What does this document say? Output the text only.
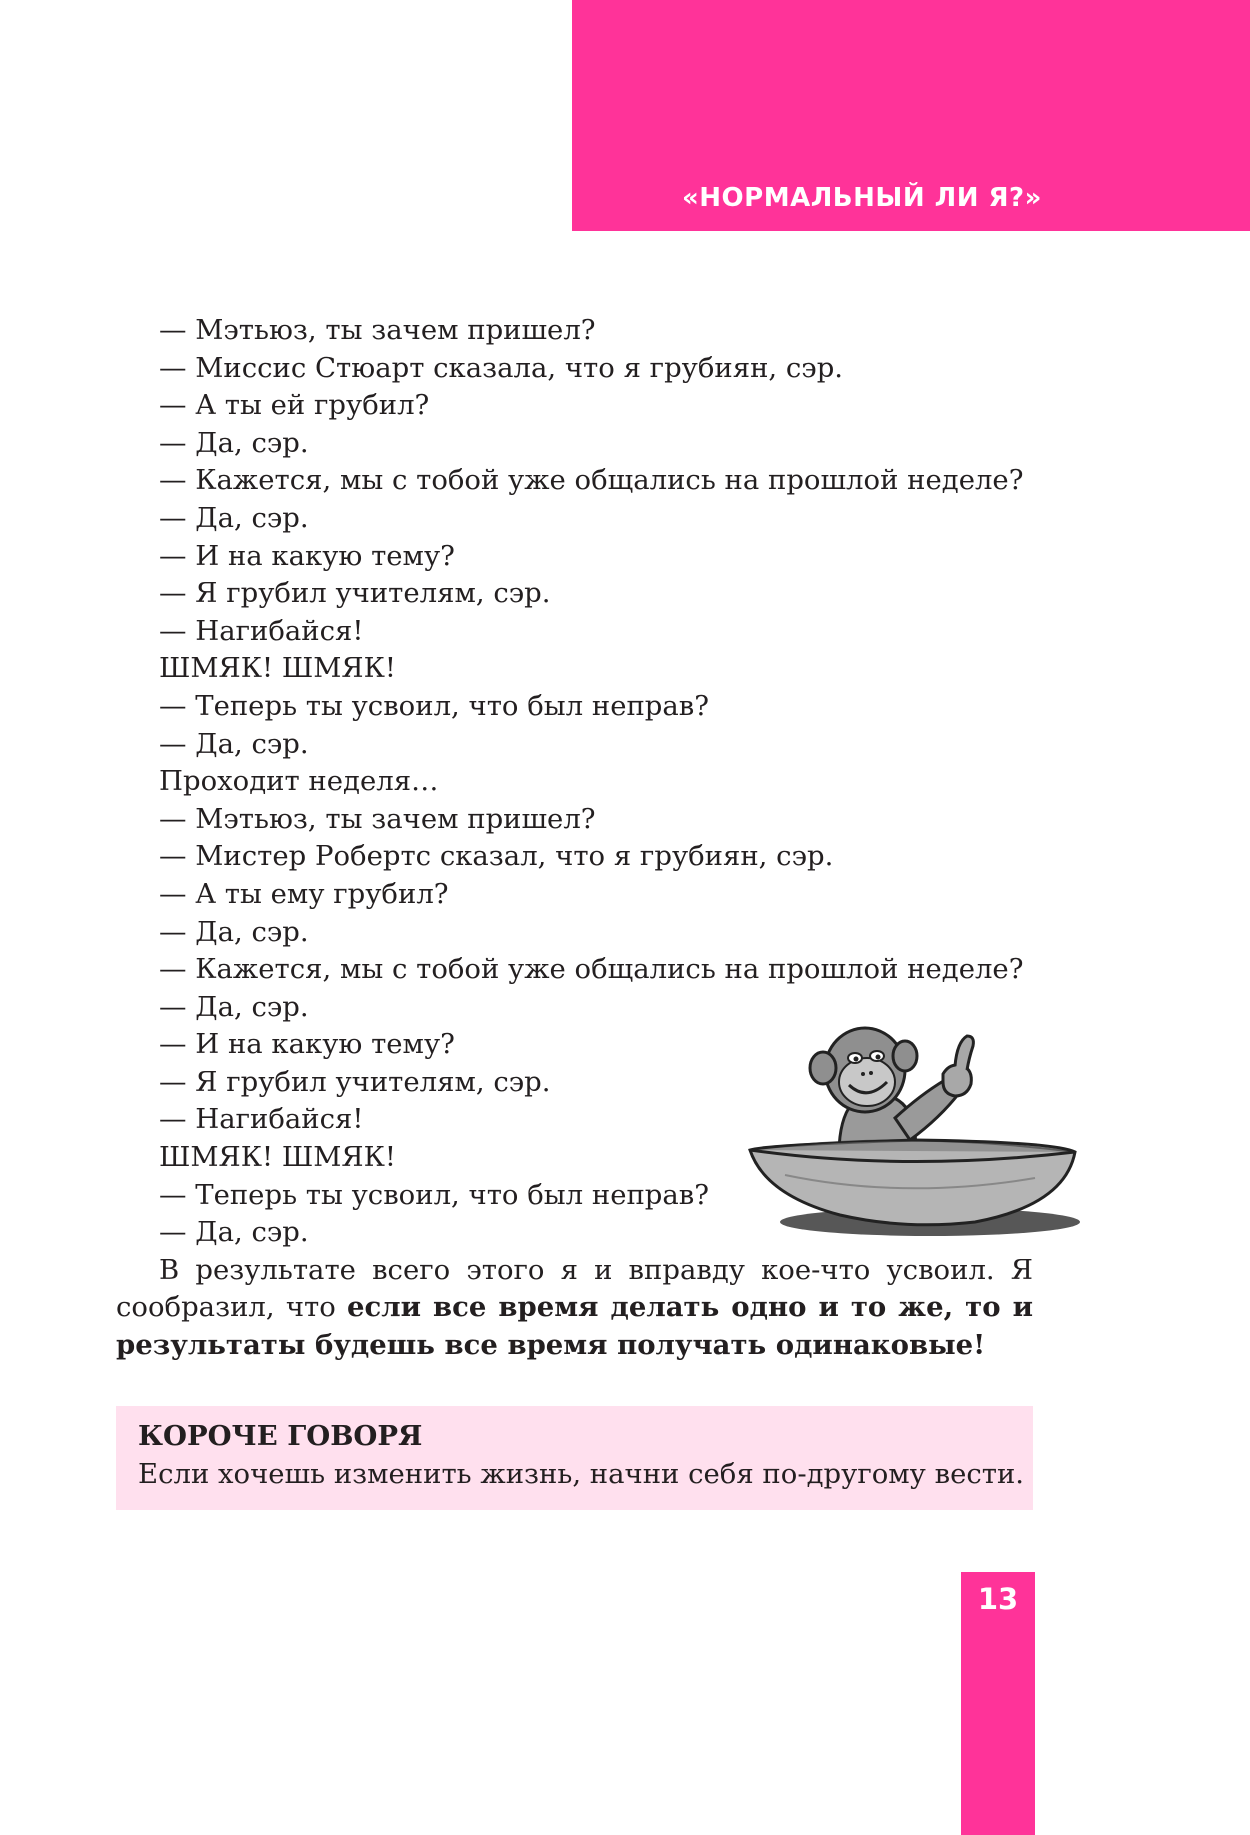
«НОРМАЛЬНЫЙ ЛИ Я?»
— Мэтьюз, ты зачем пришел?
— Миссис Стюарт сказала, что я грубиян, сэр.
— А ты ей грубил?
— Да, сэр.
— Кажется, мы с тобой уже общались на прошлой неделе?
— Да, сэр.
— И на какую тему?
— Я грубил учителям, сэр.
— Нагибайся!
ШМЯК! ШМЯК!
— Теперь ты усвоил, что был неправ?
— Да, сэр.
Проходит неделя…
— Мэтьюз, ты зачем пришел?
— Мистер Робертс сказал, что я грубиян, сэр.
— А ты ему грубил?
— Да, сэр.
— Кажется, мы с тобой уже общались на прошлой неделе?
— Да, сэр.
— И на какую тему?
— Я грубил учителям, сэр.
— Нагибайся!
ШМЯК! ШМЯК!
— Теперь ты усвоил, что был неправ?
— Да, сэр.
В результате всего этого я и вправду кое-что усвоил. Я сообразил, что если все время делать одно и то же, то и результаты будешь все время получать одинаковые!
КОРОЧЕ ГОВОРЯ
Если хочешь изменить жизнь, начни себя по-другому вести.
13
